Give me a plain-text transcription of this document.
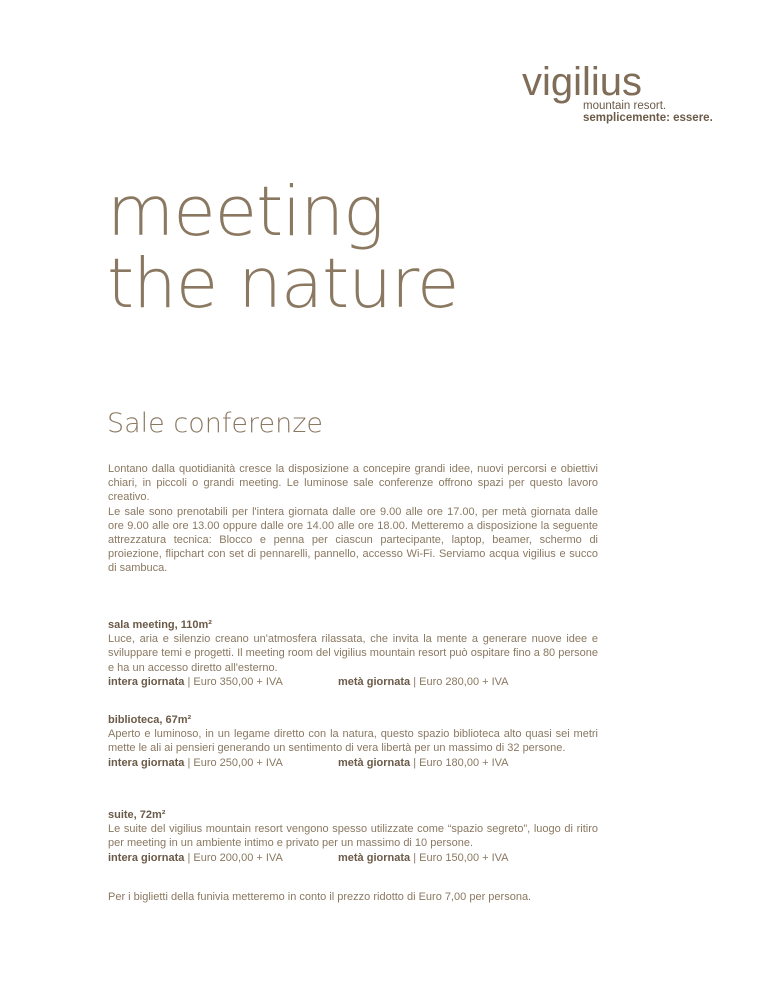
vigilius
mountain resort.
semplicemente: essere.
meeting
the nature
Sale conferenze

Lontano dalla quotidianità cresce la disposizione a concepire grandi idee, nuovi percorsi e obiettivi chiari, in piccoli o grandi meeting. Le luminose sale conferenze offrono spazi per questo lavoro creativo.

Le sale sono prenotabili per l'intera giornata dalle ore 9.00 alle ore 17.00, per metà giornata dalle ore 9.00 alle ore 13.00 oppure dalle ore 14.00 alle ore 18.00. Metteremo a disposizione la seguente attrezzatura tecnica: Blocco e penna per ciascun partecipante, laptop, beamer, schermo di proiezione, flipchart con set di pennarelli, pannello, accesso Wi-Fi. Serviamo acqua vigilius e succo di sambuca.

sala meeting, 110m²

Luce, aria e silenzio creano un'atmosfera rilassata, che invita la mente a generare nuove idee e sviluppare temi e progetti. Il meeting room del vigilius mountain resort può ospitare fino a 80 persone e ha un accesso diretto all'esterno.

intera giornata | Euro 350,00 + IVA	metà giornata | Euro 280,00 + IVA

biblioteca, 67m²

Aperto e luminoso, in un legame diretto con la natura, questo spazio biblioteca alto quasi sei metri mette le ali ai pensieri generando un sentimento di vera libertà per un massimo di 32 persone.

intera giornata | Euro 250,00 + IVA	metà giornata | Euro 180,00 + IVA

suite, 72m²

Le suite del vigilius mountain resort vengono spesso utilizzate come “spazio segreto”, luogo di ritiro per meeting in un ambiente intimo e privato per un massimo di 10 persone.

intera giornata | Euro 200,00 + IVA	metà giornata | Euro 150,00 + IVA

Per i biglietti della funivia metteremo in conto il prezzo ridotto di Euro 7,00 per persona.
